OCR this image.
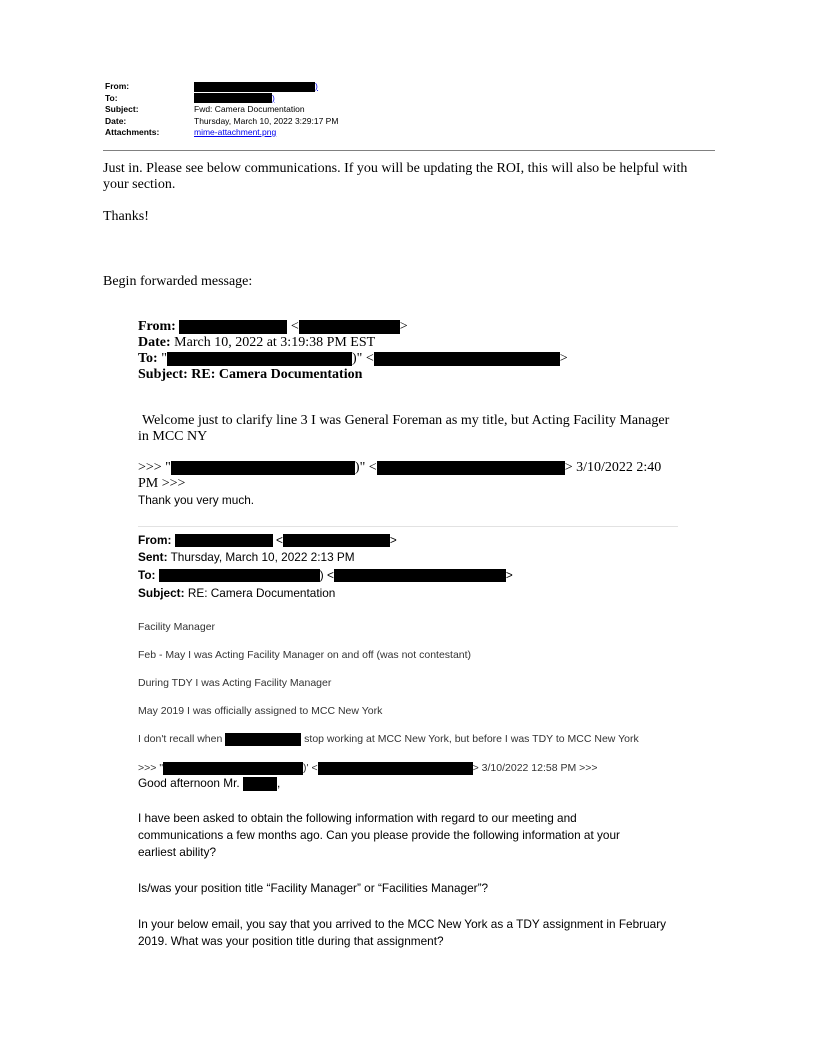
From:	)
To:	)
Subject:	Fwd: Camera Documentation
Date:	Thursday, March 10, 2022 3:29:17 PM
Attachments:	mime-attachment.png
Just in. Please see below communications. If you will be updating the ROI, this will also be helpful with
your section.
Thanks!
Begin forwarded message:
From:	<	>
Date: March 10, 2022 at 3:19:38 PM EST
To: "	)" <	>
Subject: RE: Camera Documentation
Welcome just to clarify line 3 I was General Foreman as my title, but Acting Facility Manager
in MCC NY
>>> "	)" <	> 3/10/2022 2:40
PM >>>
Thank you very much.
From:	<	>
Sent: Thursday, March 10, 2022 2:13 PM
To:	) <	>
Subject: RE: Camera Documentation
Facility Manager
Feb - May I was Acting Facility Manager on and off (was not contestant)
During TDY I was Acting Facility Manager
May 2019 I was officially assigned to MCC New York
I don't recall when	stop working at MCC New York, but before I was TDY to MCC New York
>>> "	)' <	> 3/10/2022 12:58 PM >>>
Good afternoon Mr.	,
I have been asked to obtain the following information with regard to our meeting and
communications a few months ago. Can you please provide the following information at your
earliest ability?
Is/was your position title “Facility Manager” or “Facilities Manager”?
In your below email, you say that you arrived to the MCC New York as a TDY assignment in February
2019. What was your position title during that assignment?
